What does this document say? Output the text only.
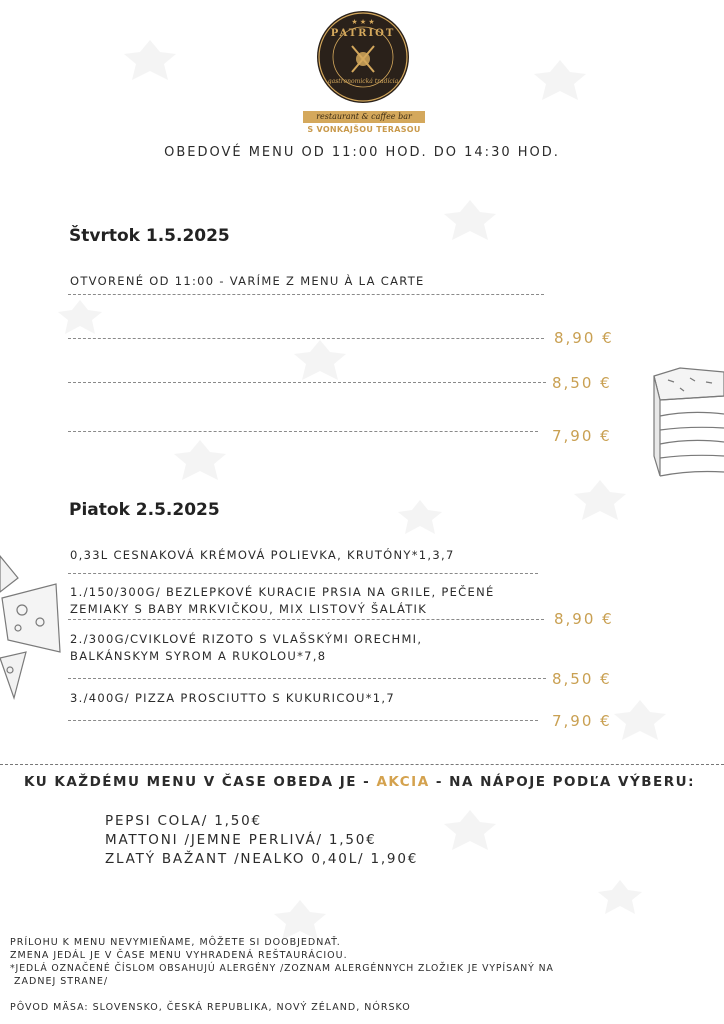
★ ★ ★
restaurant & caffee bar
S VONKAJŠOU TERASOU
OBEDOVÉ MENU OD 11:00 HOD. DO 14:30 HOD.
Štvrtok 1.5.2025
OTVORENÉ OD 11:00 - VARÍME Z MENU À LA CARTE
8,90 €
8,50 €
7,90 €
Piatok 2.5.2025
0,33L CESNAKOVÁ KRÉMOVÁ POLIEVKA, KRUTÓNY*1,3,7
1./150/300G/ BEZLEPKOVÉ KURACIE PRSIA NA GRILE, PEČENÉ
ZEMIAKY S BABY MRKVIČKOU, MIX LISTOVÝ ŠALÁTIK
8,90 €
2./300G/CVIKLOVÉ RIZOTO S VLAŠSKÝMI ORECHMI,
BALKÁNSKYM SYROM A RUKOLOU*7,8
8,50 €
3./400G/ PIZZA PROSCIUTTO S KUKURICOU*1,7
7,90 €
KU KAŽDÉMU MENU V ČASE OBEDA JE - AKCIA - NA NÁPOJE PODĽA VÝBERU:
PEPSI COLA/ 1,50€
MATTONI /JEMNE PERLIVÁ/ 1,50€
ZLATÝ BAŽANT /NEALKO 0,40L/ 1,90€
PRÍLOHU K MENU NEVYMIEŇAME, MÔŽETE SI DOOBJEDNAŤ.
ZMENA JEDÁL JE V ČASE MENU VYHRADENÁ REŠTAURÁCIOU.
*JEDLÁ OZNAČENÉ ČÍSLOM OBSAHUJÚ ALERGÉNY /ZOZNAM ALERGÉNNYCH ZLOŽIEK JE VYPÍSANÝ NA
ZADNEJ STRANE/
PÔVOD MÄSA: SLOVENSKO, ČESKÁ REPUBLIKA, NOVÝ ZÉLAND, NÓRSKO
PATRIOT
gastronomická tradícia
